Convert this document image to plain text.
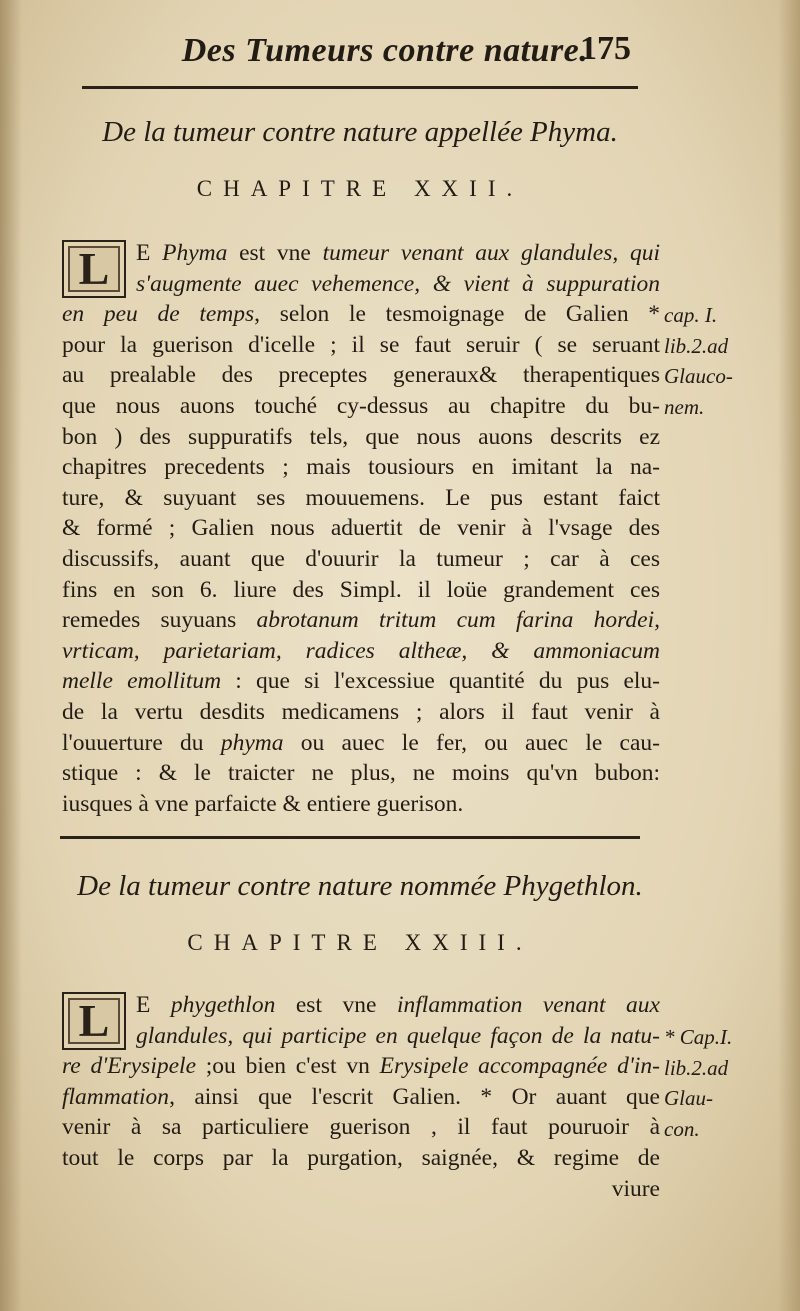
Des Tumeurs contre nature.
175
De la tumeur contre nature appellée Phyma.
CHAPITRE XXII.
L	E Phyma est vne tumeur venant aux glandules, qui
s'augmente auec vehemence, & vient à suppuration
en peu de temps, selon le tesmoignage de Galien *
pour la guerison d'icelle ; il se faut seruir ( se seruant
au prealable des preceptes generaux& therapentiques
que nous auons touché cy-dessus au chapitre du bu-
bon ) des suppuratifs tels, que nous auons descrits ez
chapitres precedents ; mais tousiours en imitant la na-
ture, & suyuant ses mouuemens. Le pus estant faict
& formé ; Galien nous aduertit de venir à l'vsage des
discussifs, auant que d'ouurir la tumeur ; car à ces
fins en son 6. liure des Simpl. il loüe grandement ces
remedes suyuans abrotanum tritum cum farina hordei,
vrticam, parietariam, radices altheæ, & ammoniacum
melle emollitum : que si l'excessiue quantité du pus elu-
de la vertu desdits medicamens ; alors il faut venir à
l'ouuerture du phyma ou auec le fer, ou auec le cau-
stique : & le traicter ne plus, ne moins qu'vn bubon:
iusques à vne parfaicte & entiere guerison.
cap. I.
lib.2.ad
Glauco-
nem.
De la tumeur contre nature nommée Phygethlon.
CHAPITRE XXIII.
L	E phygethlon est vne inflammation venant aux
glandules, qui participe en quelque façon de la natu-
re d'Erysipele ;ou bien c'est vn Erysipele accompagnée d'in-
flammation, ainsi que l'escrit Galien. * Or auant que
venir à sa particuliere guerison , il faut pouruoir à
tout le corps par la purgation, saignée, & regime de
viure
* Cap.I.
lib.2.ad
Glau-
con.
